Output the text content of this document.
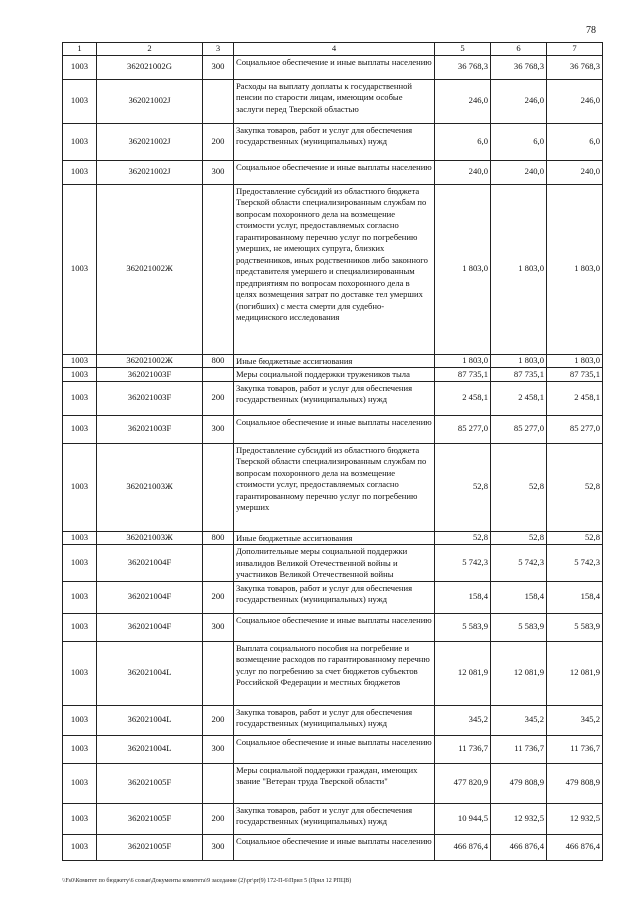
78
1	2	3	4	5	6	7
1003	362021002G	300	Социальное обеспечение и иные выплаты населению	36 768,3	36 768,3	36 768,3
1003	362021002J		Расходы на выплату доплаты к государственной пенсии по старости лицам, имеющим особые заслуги перед Тверской областью	246,0	246,0	246,0
1003	362021002J	200	Закупка товаров, работ и услуг для обеспечения государственных (муниципальных) нужд	6,0	6,0	6,0
1003	362021002J	300	Социальное обеспечение и иные выплаты населению	240,0	240,0	240,0
1003	362021002Ж		Предоставление субсидий из областного бюджета Тверской области специализированным службам по вопросам похоронного дела на возмещение стоимости услуг, предоставляемых согласно гарантированному перечню услуг по погребению умерших, не имеющих супруга, близких родственников, иных родственников либо законного представителя умершего и специализированным предприятиям по вопросам похоронного дела в целях возмещения затрат по доставке тел умерших (погибших) с места смерти для судебно-медицинского исследования	1 803,0	1 803,0	1 803,0
1003	362021002Ж	800	Иные бюджетные ассигнования	1 803,0	1 803,0	1 803,0
1003	362021003F		Меры социальной поддержки тружеников тыла	87 735,1	87 735,1	87 735,1
1003	362021003F	200	Закупка товаров, работ и услуг для обеспечения государственных (муниципальных) нужд	2 458,1	2 458,1	2 458,1
1003	362021003F	300	Социальное обеспечение и иные выплаты населению	85 277,0	85 277,0	85 277,0
1003	362021003Ж		Предоставление субсидий из областного бюджета Тверской области специализированным службам по вопросам похоронного дела на возмещение стоимости услуг, предоставляемых согласно гарантированному перечню услуг по погребению умерших	52,8	52,8	52,8
1003	362021003Ж	800	Иные бюджетные ассигнования	52,8	52,8	52,8
1003	362021004F		Дополнительные меры социальной поддержки инвалидов Великой Отечественной войны и участников Великой Отечественной войны	5 742,3	5 742,3	5 742,3
1003	362021004F	200	Закупка товаров, работ и услуг для обеспечения государственных (муниципальных) нужд	158,4	158,4	158,4
1003	362021004F	300	Социальное обеспечение и иные выплаты населению	5 583,9	5 583,9	5 583,9
1003	362021004L		Выплата социального пособия на погребение и возмещение расходов по гарантированному перечню услуг по погребению за счет бюджетов субъектов Российской Федерации и местных бюджетов	12 081,9	12 081,9	12 081,9
1003	362021004L	200	Закупка товаров, работ и услуг для обеспечения государственных (муниципальных) нужд	345,2	345,2	345,2
1003	362021004L	300	Социальное обеспечение и иные выплаты населению	11 736,7	11 736,7	11 736,7
1003	362021005F		Меры социальной поддержки граждан, имеющих звание "Ветеран труда Тверской области"	477 820,9	479 808,9	479 808,9
1003	362021005F	200	Закупка товаров, работ и услуг для обеспечения государственных (муниципальных) нужд	10 944,5	12 932,5	12 932,5
1003	362021005F	300	Социальное обеспечение и иные выплаты населению	466 876,4	466 876,4	466 876,4
\\Fs0\Комитет по бюджету\6 созыв\Документы комитета\9 заседание (2)\pr\pr(9) 172-П-6\Прил 5 (Прил 12 РПЦВ)
